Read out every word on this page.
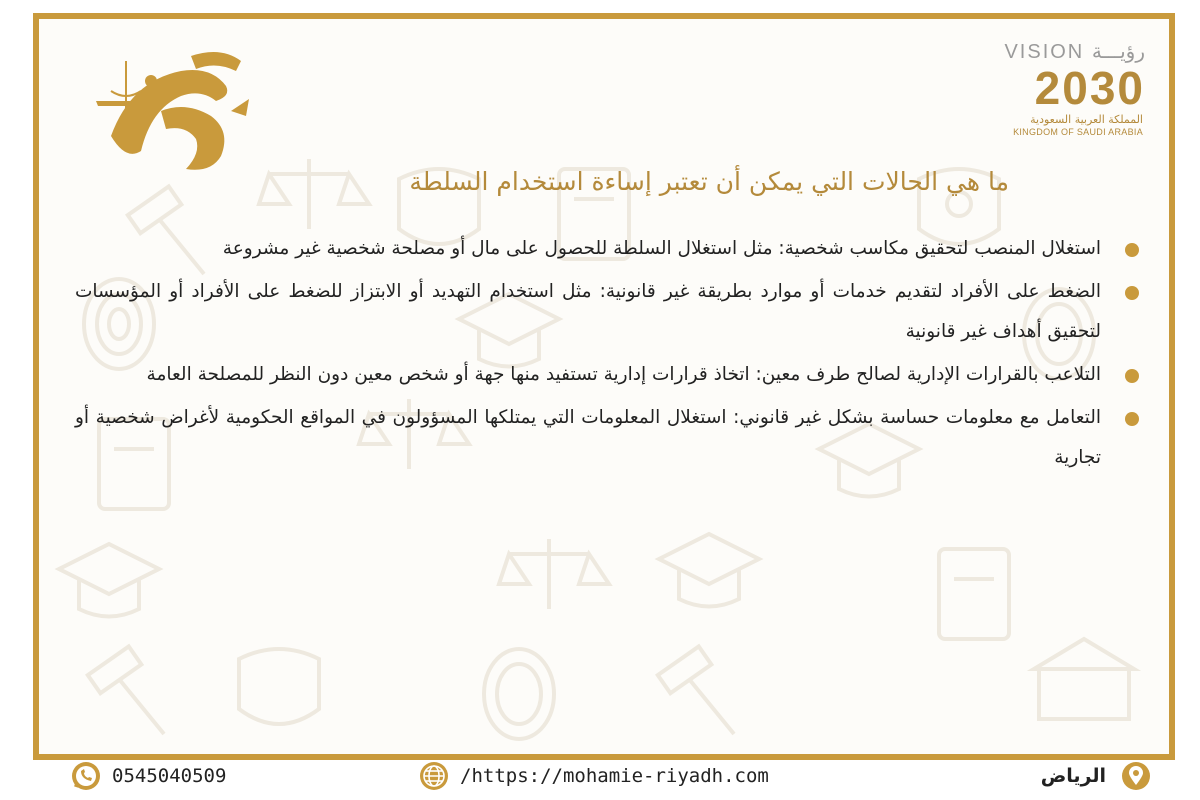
VISION رؤيـــة
2030
المملكة العربية السعودية
KINGDOM OF SAUDI ARABIA
ما هي الحالات التي يمكن أن تعتبر إساءة استخدام السلطة
استغلال المنصب لتحقيق مكاسب شخصية: مثل استغلال السلطة للحصول على مال أو مصلحة شخصية غير مشروعة
الضغط على الأفراد لتقديم خدمات أو موارد بطريقة غير قانونية: مثل استخدام التهديد أو الابتزاز للضغط على الأفراد أو المؤسسات لتحقيق أهداف غير قانونية
التلاعب بالقرارات الإدارية لصالح طرف معين: اتخاذ قرارات إدارية تستفيد منها جهة أو شخص معين دون النظر للمصلحة العامة
التعامل مع معلومات حساسة بشكل غير قانوني: استغلال المعلومات التي يمتلكها المسؤولون في المواقع الحكومية لأغراض شخصية أو تجارية
0545040509	/https://mohamie-riyadh.com	الرياض
